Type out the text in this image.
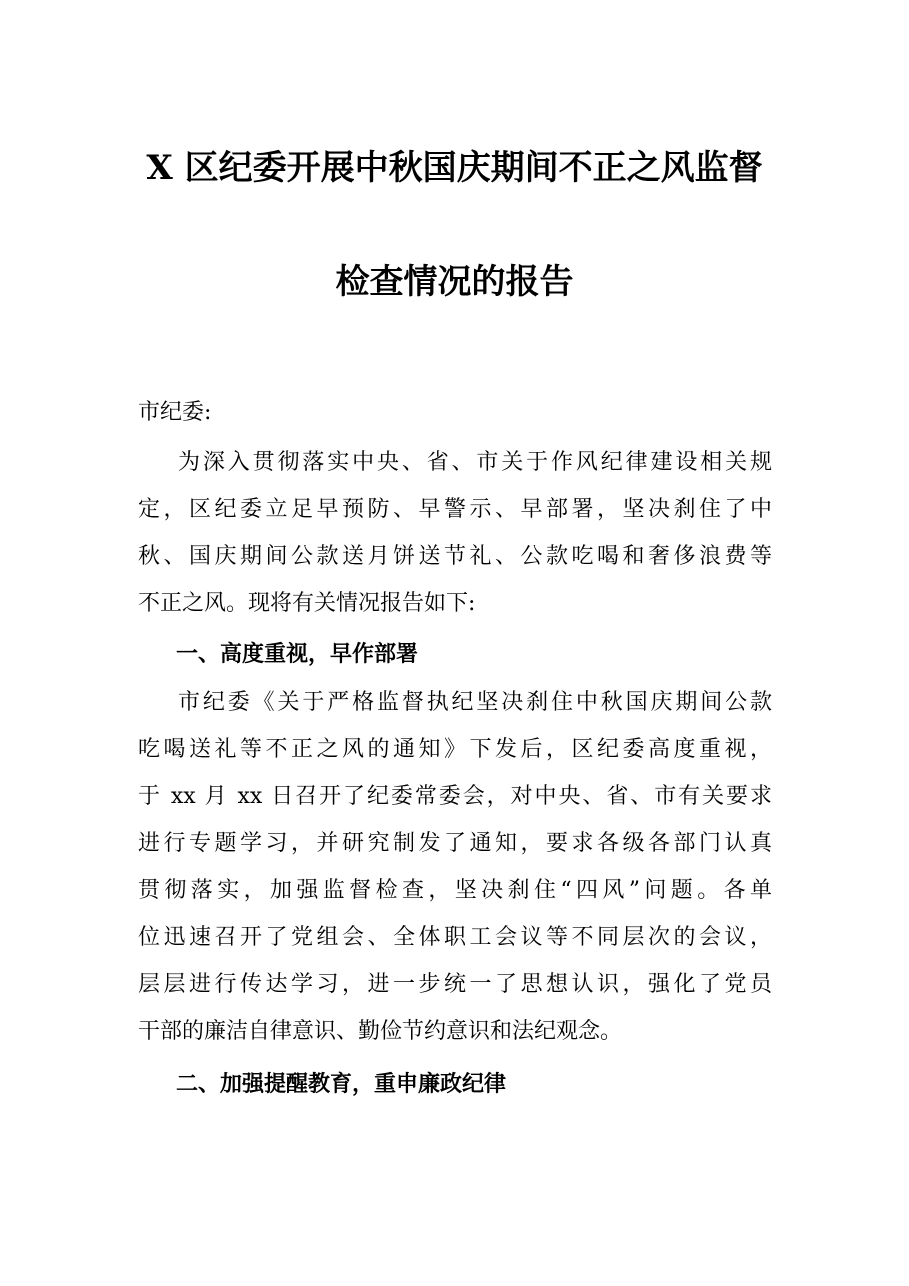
X 区纪委开展中秋国庆期间不正之风监督
检查情况的报告
市纪委:
为深入贯彻落实中央、省、市关于作风纪律建设相关规
定，区纪委立足早预防、早警示、早部署，坚决刹住了中
秋、国庆期间公款送月饼送节礼、公款吃喝和奢侈浪费等
不正之风。现将有关情况报告如下:
一、高度重视，早作部署
市纪委《关于严格监督执纪坚决刹住中秋国庆期间公款
吃喝送礼等不正之风的通知》下发后，区纪委高度重视，
于 xx 月 xx 日召开了纪委常委会，对中央、省、市有关要求
进行专题学习，并研究制发了通知，要求各级各部门认真
贯彻落实，加强监督检查，坚决刹住“四风”问题。各单
位迅速召开了党组会、全体职工会议等不同层次的会议，
层层进行传达学习，进一步统一了思想认识，强化了党员
干部的廉洁自律意识、勤俭节约意识和法纪观念。
二、加强提醒教育，重申廉政纪律
